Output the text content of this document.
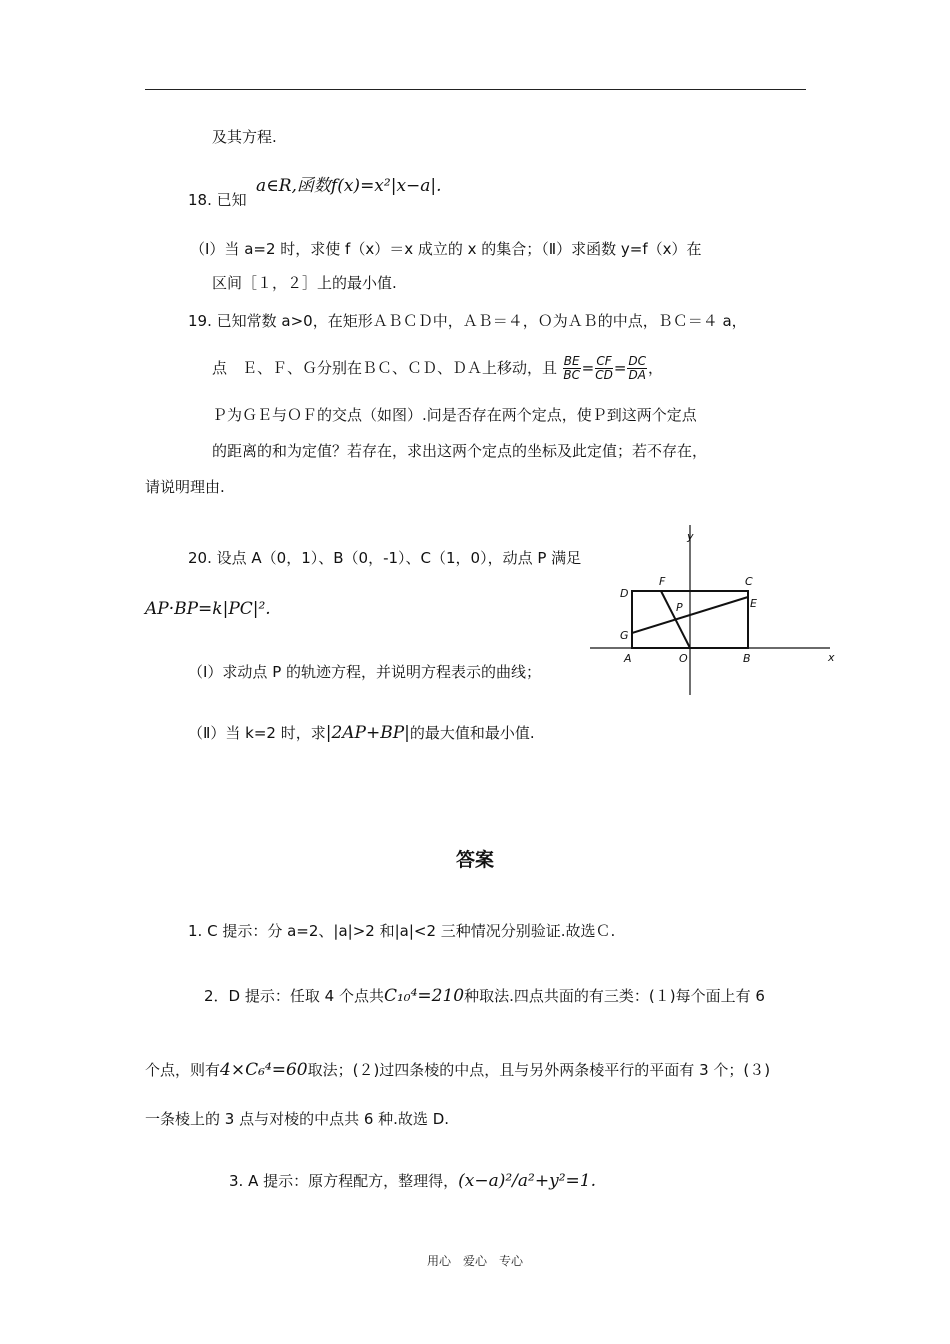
及其方程.
18. 已知
a∈R,函数f(x)=x²|x−a|.
（Ⅰ）当 a=2 时，求使 f（x）＝x 成立的 x 的集合；（Ⅱ）求函数 y=f（x）在
区间［１，２］上的最小值.
19. 已知常数 a>0，在矩形ＡＢＣＤ中，ＡＢ＝４，Ｏ为ＡＢ的中点，ＢＣ＝４ a，
点　Ｅ、Ｆ、Ｇ分别在ＢＣ、ＣＤ、ＤＡ上移动，且 $\frac{BE}{BC} = \frac{CF}{CD} = \frac{DC}{DA}$ ，
Ｐ为ＧＥ与ＯＦ的交点（如图）.问是否存在两个定点，使Ｐ到这两个定点
的距离的和为定值？若存在，求出这两个定点的坐标及此定值；若不存在，
请说明理由.
20. 设点 A（0，1）、B（0，-1）、C（1，0），动点 P 满足
AP·BP=k|PC|².
（Ⅰ）求动点 P 的轨迹方程，并说明方程表示的曲线；
（Ⅱ）当 k=2 时，求|2AP+BP|的最大值和最小值.
y
x
D
F	C
E
P
G
A	O	B
答案
1. C 提示：分 a=2、|a|>2 和|a|<2 三种情况分别验证.故选Ｃ.
2．D 提示：任取 4 个点共C₁₀⁴=210种取法.四点共面的有三类：(１)每个面上有 6
个点，则有4×C₆⁴=60取法；(２)过四条棱的中点，且与另外两条棱平行的平面有 3 个；(３)
一条棱上的 3 点与对棱的中点共 6 种.故选 D.
3. A 提示：原方程配方，整理得，(x−a)²/a²+y²=1.
用心　爱心　专心
